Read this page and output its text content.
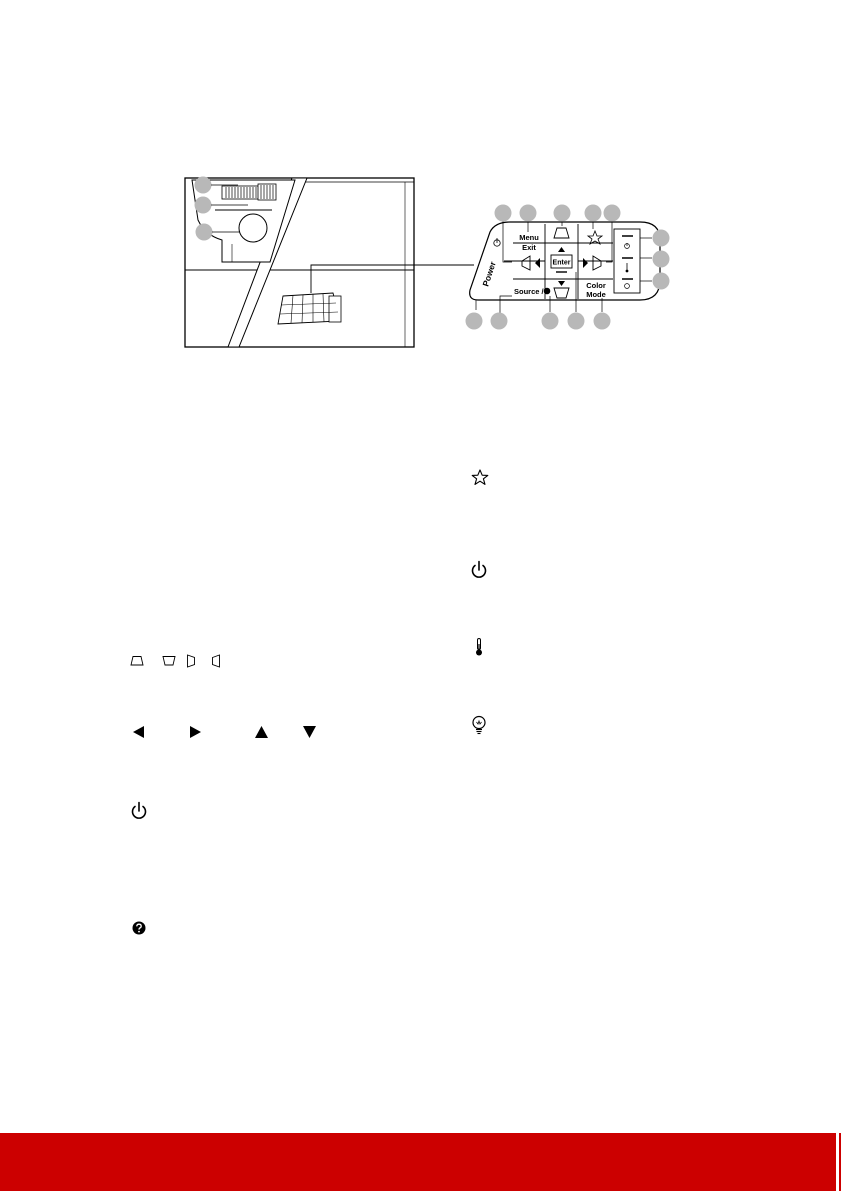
Power
Menu
Exit
Enter
Source /
Color
Mode
